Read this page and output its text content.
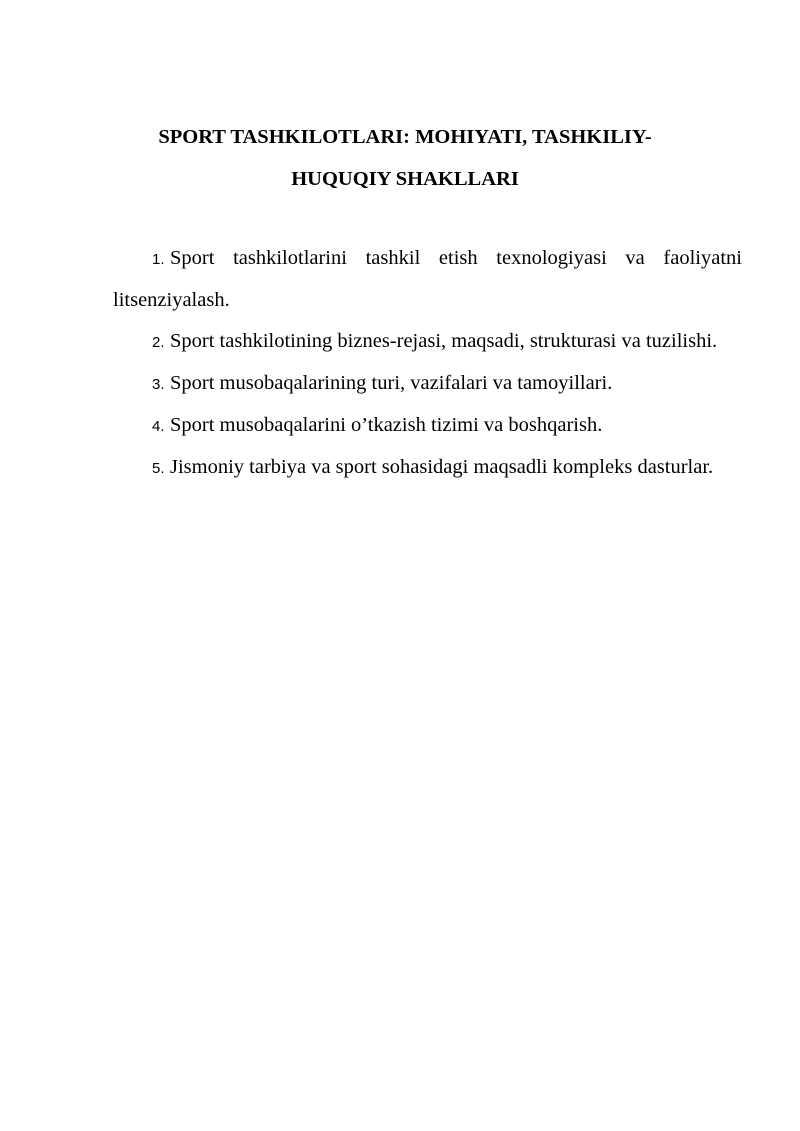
SPORT TASHKILOTLARI: MOHIYATI, TASHKILIY-HUQUQIY SHAKLLARI
1. Sport tashkilotlarini tashkil etish texnologiyasi va faoliyatni litsenziyalash.
2. Sport tashkilotining biznes-rejasi, maqsadi, strukturasi va tuzilishi.
3. Sport musobaqalarining turi, vazifalari va tamoyillari.
4. Sport musobaqalarini o’tkazish tizimi va boshqarish.
5. Jismoniy tarbiya va sport sohasidagi maqsadli kompleks dasturlar.
